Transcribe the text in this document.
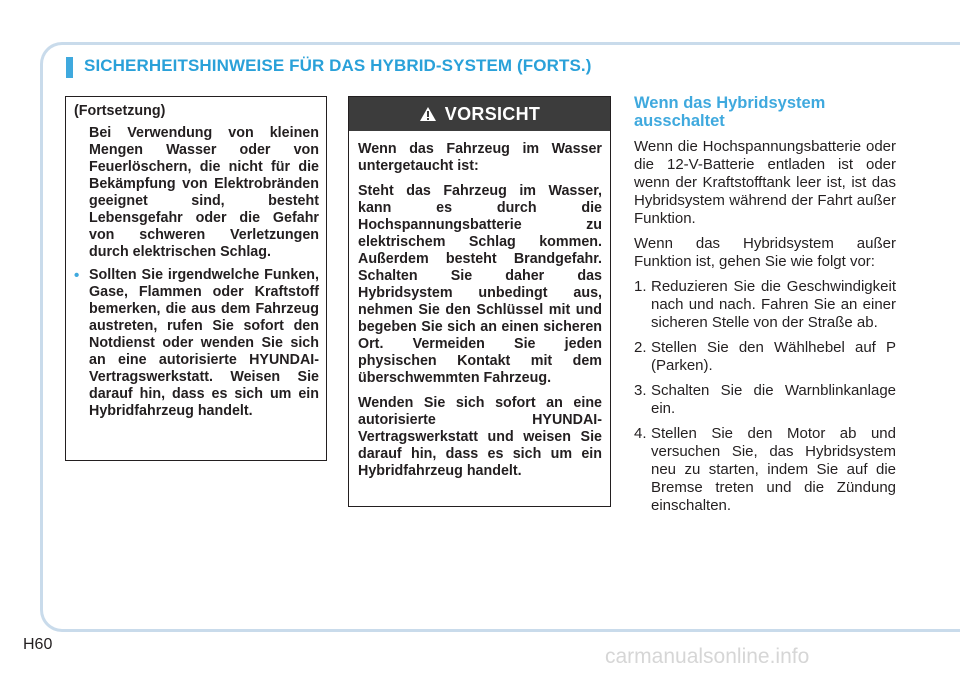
SICHERHEITSHINWEISE FÜR DAS HYBRID-SYSTEM (FORTS.)
(Fortsetzung)
Bei Verwendung von kleinen Mengen Wasser oder von Feuerlöschern, die nicht für die Bekämpfung von Elektrobränden geeignet sind, besteht Lebensgefahr oder die Gefahr von schweren Verletzungen durch elektrischen Schlag.
• Sollten Sie irgendwelche Funken, Gase, Flammen oder Kraftstoff bemerken, die aus dem Fahrzeug austreten, rufen Sie sofort den Notdienst oder wenden Sie sich an eine autorisierte HYUNDAI-Vertragswerkstatt. Weisen Sie darauf hin, dass es sich um ein Hybridfahrzeug handelt.
VORSICHT

Wenn das Fahrzeug im Wasser untergetaucht ist:

Steht das Fahrzeug im Wasser, kann es durch die Hochspannungsbatterie zu elektrischem Schlag kommen. Außerdem besteht Brandgefahr. Schalten Sie daher das Hybridsystem unbedingt aus, nehmen Sie den Schlüssel mit und begeben Sie sich an einen sicheren Ort. Vermeiden Sie jeden physischen Kontakt mit dem überschwemmten Fahrzeug.

Wenden Sie sich sofort an eine autorisierte HYUNDAI-Vertragswerkstatt und weisen Sie darauf hin, dass es sich um ein Hybridfahrzeug handelt.

Wenn das Hybridsystem ausschaltet

Wenn die Hochspannungsbatterie oder die 12-V-Batterie entladen ist oder wenn der Kraftstofftank leer ist, ist das Hybridsystem während der Fahrt außer Funktion.

Wenn das Hybridsystem außer Funktion ist, gehen Sie wie folgt vor:

1. Reduzieren Sie die Geschwindigkeit nach und nach. Fahren Sie an einer sicheren Stelle von der Straße ab.
2. Stellen Sie den Wählhebel auf P (Parken).
3. Schalten Sie die Warnblinkanlage ein.
4. Stellen Sie den Motor ab und versuchen Sie, das Hybridsystem neu zu starten, indem Sie auf die Bremse treten und die Zündung einschalten.
H60
carmanualsonline.info
